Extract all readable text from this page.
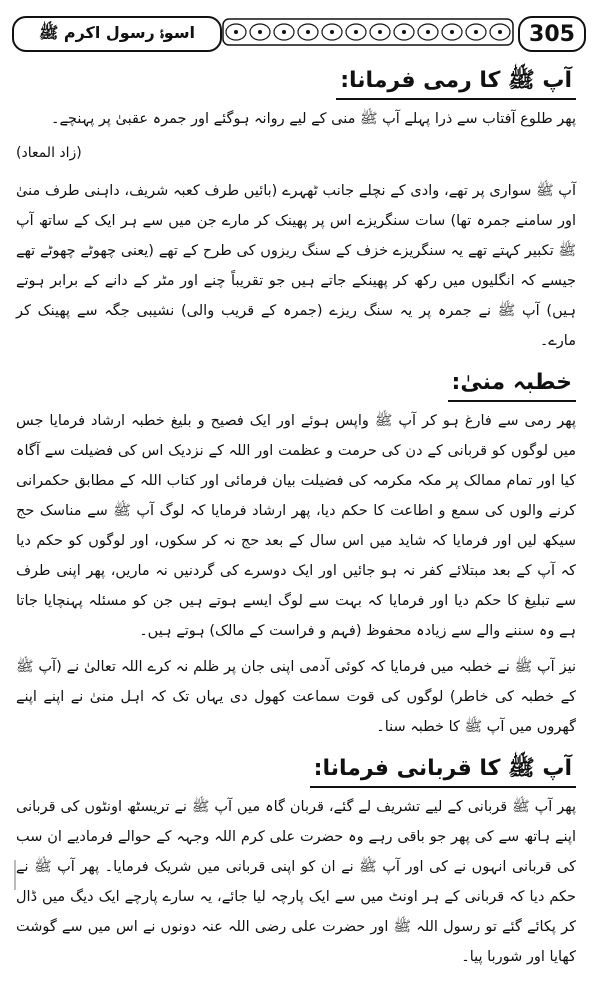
اسوۂ رسول اکرم ﷺ	305
آپ ﷺ کا رمی فرمانا:

پھر طلوع آفتاب سے ذرا پہلے آپ ﷺ منی کے لیے روانہ ہوگئے اور جمرہ عقبیٰ پر پہنچے۔

(زاد المعاد)

آپ ﷺ سواری پر تھے، وادی کے نچلے جانب ٹھہرے (بائیں طرف کعبہ شریف، داہنی طرف منیٰ اور سامنے جمرہ تھا) سات سنگریزے اس پر پھینک کر مارے جن میں سے ہر ایک کے ساتھ آپ ﷺ تکبیر کہتے تھے یہ سنگریزے خزف کے سنگ ریزوں کی طرح کے تھے (یعنی چھوٹے چھوٹے تھے جیسے کہ انگلیوں میں رکھ کر پھینکے جاتے ہیں جو تقریباً چنے اور مٹر کے دانے کے برابر ہوتے ہیں) آپ ﷺ نے جمرہ پر یہ سنگ ریزے (جمرہ کے قریب والی) نشیبی جگہ سے پھینک کر مارے۔

خطبہ منیٰ:

پھر رمی سے فارغ ہو کر آپ ﷺ واپس ہوئے اور ایک فصیح و بلیغ خطبہ ارشاد فرمایا جس میں لوگوں کو قربانی کے دن کی حرمت و عظمت اور اللہ کے نزدیک اس کی فضیلت سے آگاہ کیا اور تمام ممالک پر مکہ مکرمہ کی فضیلت بیان فرمائی اور کتاب اللہ کے مطابق حکمرانی کرنے والوں کی سمع و اطاعت کا حکم دیا، پھر ارشاد فرمایا کہ لوگ آپ ﷺ سے مناسک حج سیکھ لیں اور فرمایا کہ شاید میں اس سال کے بعد حج نہ کر سکوں، اور لوگوں کو حکم دیا کہ آپ کے بعد مبتلائے کفر نہ ہو جائیں اور ایک دوسرے کی گردنیں نہ ماریں، پھر اپنی طرف سے تبلیغ کا حکم دیا اور فرمایا کہ بہت سے لوگ ایسے ہوتے ہیں جن کو مسئلہ پہنچایا جاتا ہے وہ سننے والے سے زیادہ محفوظ (فہم و فراست کے مالک) ہوتے ہیں۔

نیز آپ ﷺ نے خطبہ میں فرمایا کہ کوئی آدمی اپنی جان پر ظلم نہ کرے اللہ تعالیٰ نے (آپ ﷺ کے خطبہ کی خاطر) لوگوں کی قوت سماعت کھول دی یہاں تک کہ اہل منیٰ نے اپنے اپنے گھروں میں آپ ﷺ کا خطبہ سنا۔

آپ ﷺ کا قربانی فرمانا:

پھر آپ ﷺ قربانی کے لیے تشریف لے گئے، قربان گاہ میں آپ ﷺ نے تریسٹھ اونٹوں کی قربانی اپنے ہاتھ سے کی پھر جو باقی رہے وہ حضرت علی کرم اللہ وجہہ کے حوالے فرمادیے ان سب کی قربانی انہوں نے کی اور آپ ﷺ نے ان کو اپنی قربانی میں شریک فرمایا۔ پھر آپ ﷺ نے حکم دیا کہ قربانی کے ہر اونٹ میں سے ایک پارچہ لیا جائے، یہ سارے پارچے ایک دیگ میں ڈال کر پکائے گئے تو رسول اللہ ﷺ اور حضرت علی رضی اللہ عنہ دونوں نے اس میں سے گوشت کھایا اور شوربا پیا۔
